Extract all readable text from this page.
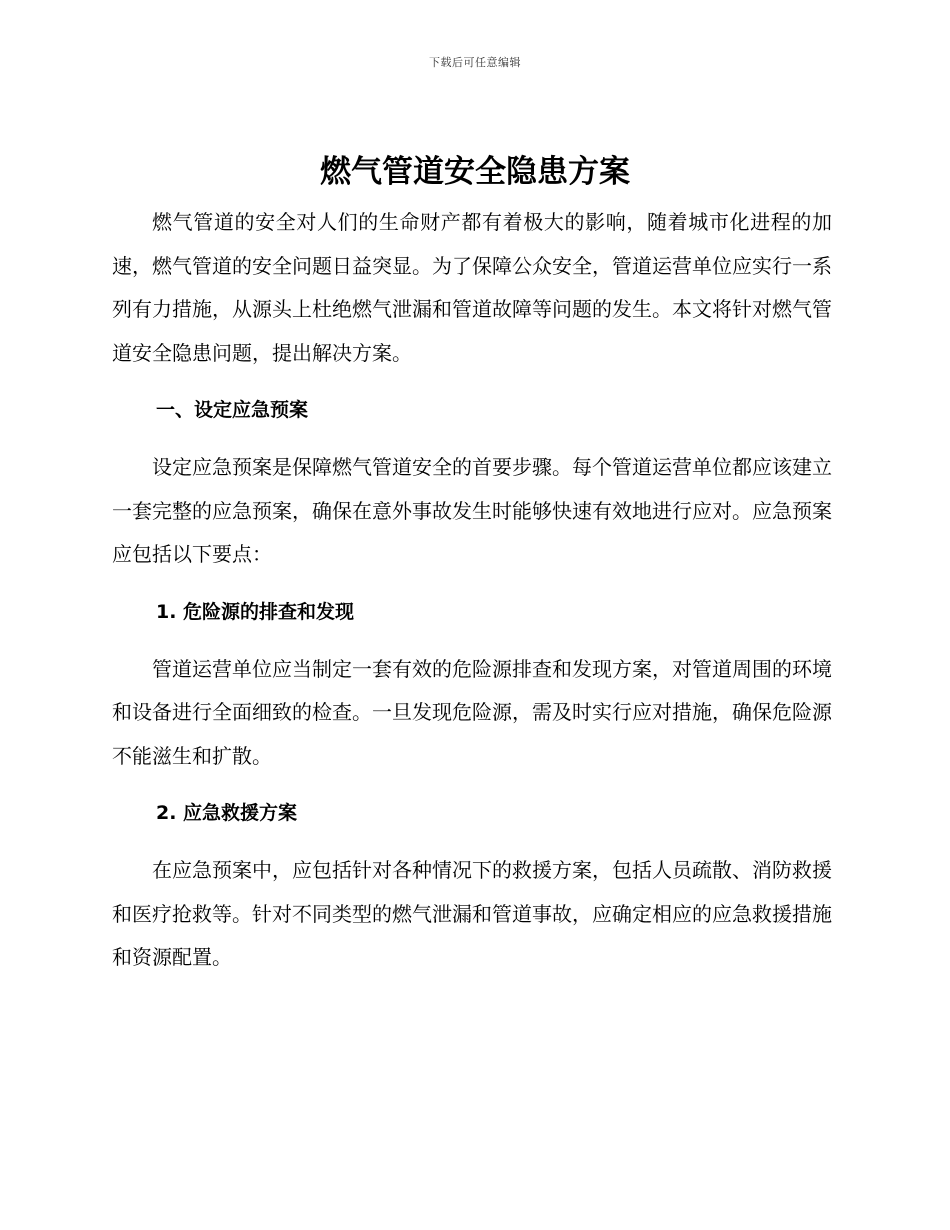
下载后可任意编辑
燃气管道安全隐患方案

燃气管道的安全对人们的生命财产都有着极大的影响，随着城市化进程的加速，燃气管道的安全问题日益突显。为了保障公众安全，管道运营单位应实行一系列有力措施，从源头上杜绝燃气泄漏和管道故障等问题的发生。本文将针对燃气管道安全隐患问题，提出解决方案。

一、设定应急预案

设定应急预案是保障燃气管道安全的首要步骤。每个管道运营单位都应该建立一套完整的应急预案，确保在意外事故发生时能够快速有效地进行应对。应急预案应包括以下要点：

1. 危险源的排查和发现

管道运营单位应当制定一套有效的危险源排查和发现方案，对管道周围的环境和设备进行全面细致的检查。一旦发现危险源，需及时实行应对措施，确保危险源不能滋生和扩散。

2. 应急救援方案

在应急预案中，应包括针对各种情况下的救援方案，包括人员疏散、消防救援和医疗抢救等。针对不同类型的燃气泄漏和管道事故，应确定相应的应急救援措施和资源配置。
